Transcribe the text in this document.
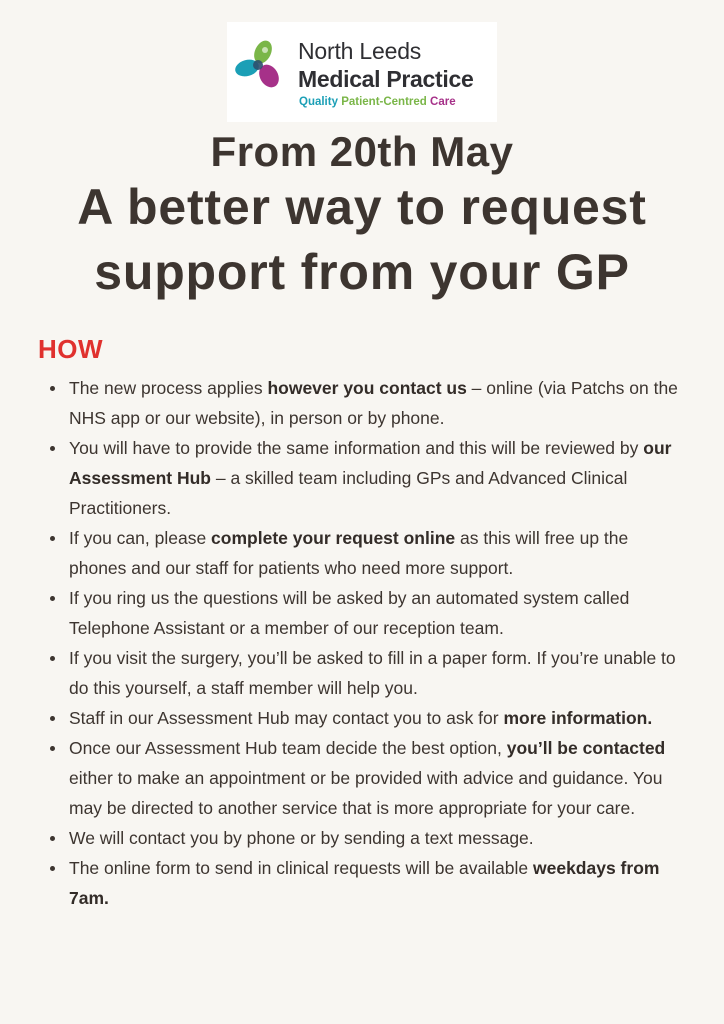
North Leeds
Medical Practice
Quality Patient-Centred Care
From 20th May
A better way to request
support from your GP
HOW
The new process applies however you contact us – online (via Patchs on the NHS app or our website), in person or by phone.
You will have to provide the same information and this will be reviewed by our Assessment Hub – a skilled team including GPs and Advanced Clinical Practitioners.
If you can, please complete your request online as this will free up the phones and our staff for patients who need more support.
If you ring us the questions will be asked by an automated system called Telephone Assistant or a member of our reception team.
If you visit the surgery, you’ll be asked to fill in a paper form. If you’re unable to do this yourself, a staff member will help you.
Staff in our Assessment Hub may contact you to ask for more information.
Once our Assessment Hub team decide the best option, you’ll be contacted either to make an appointment or be provided with advice and guidance. You may be directed to another service that is more appropriate for your care.
We will contact you by phone or by sending a text message.
The online form to send in clinical requests will be available weekdays from 7am.
